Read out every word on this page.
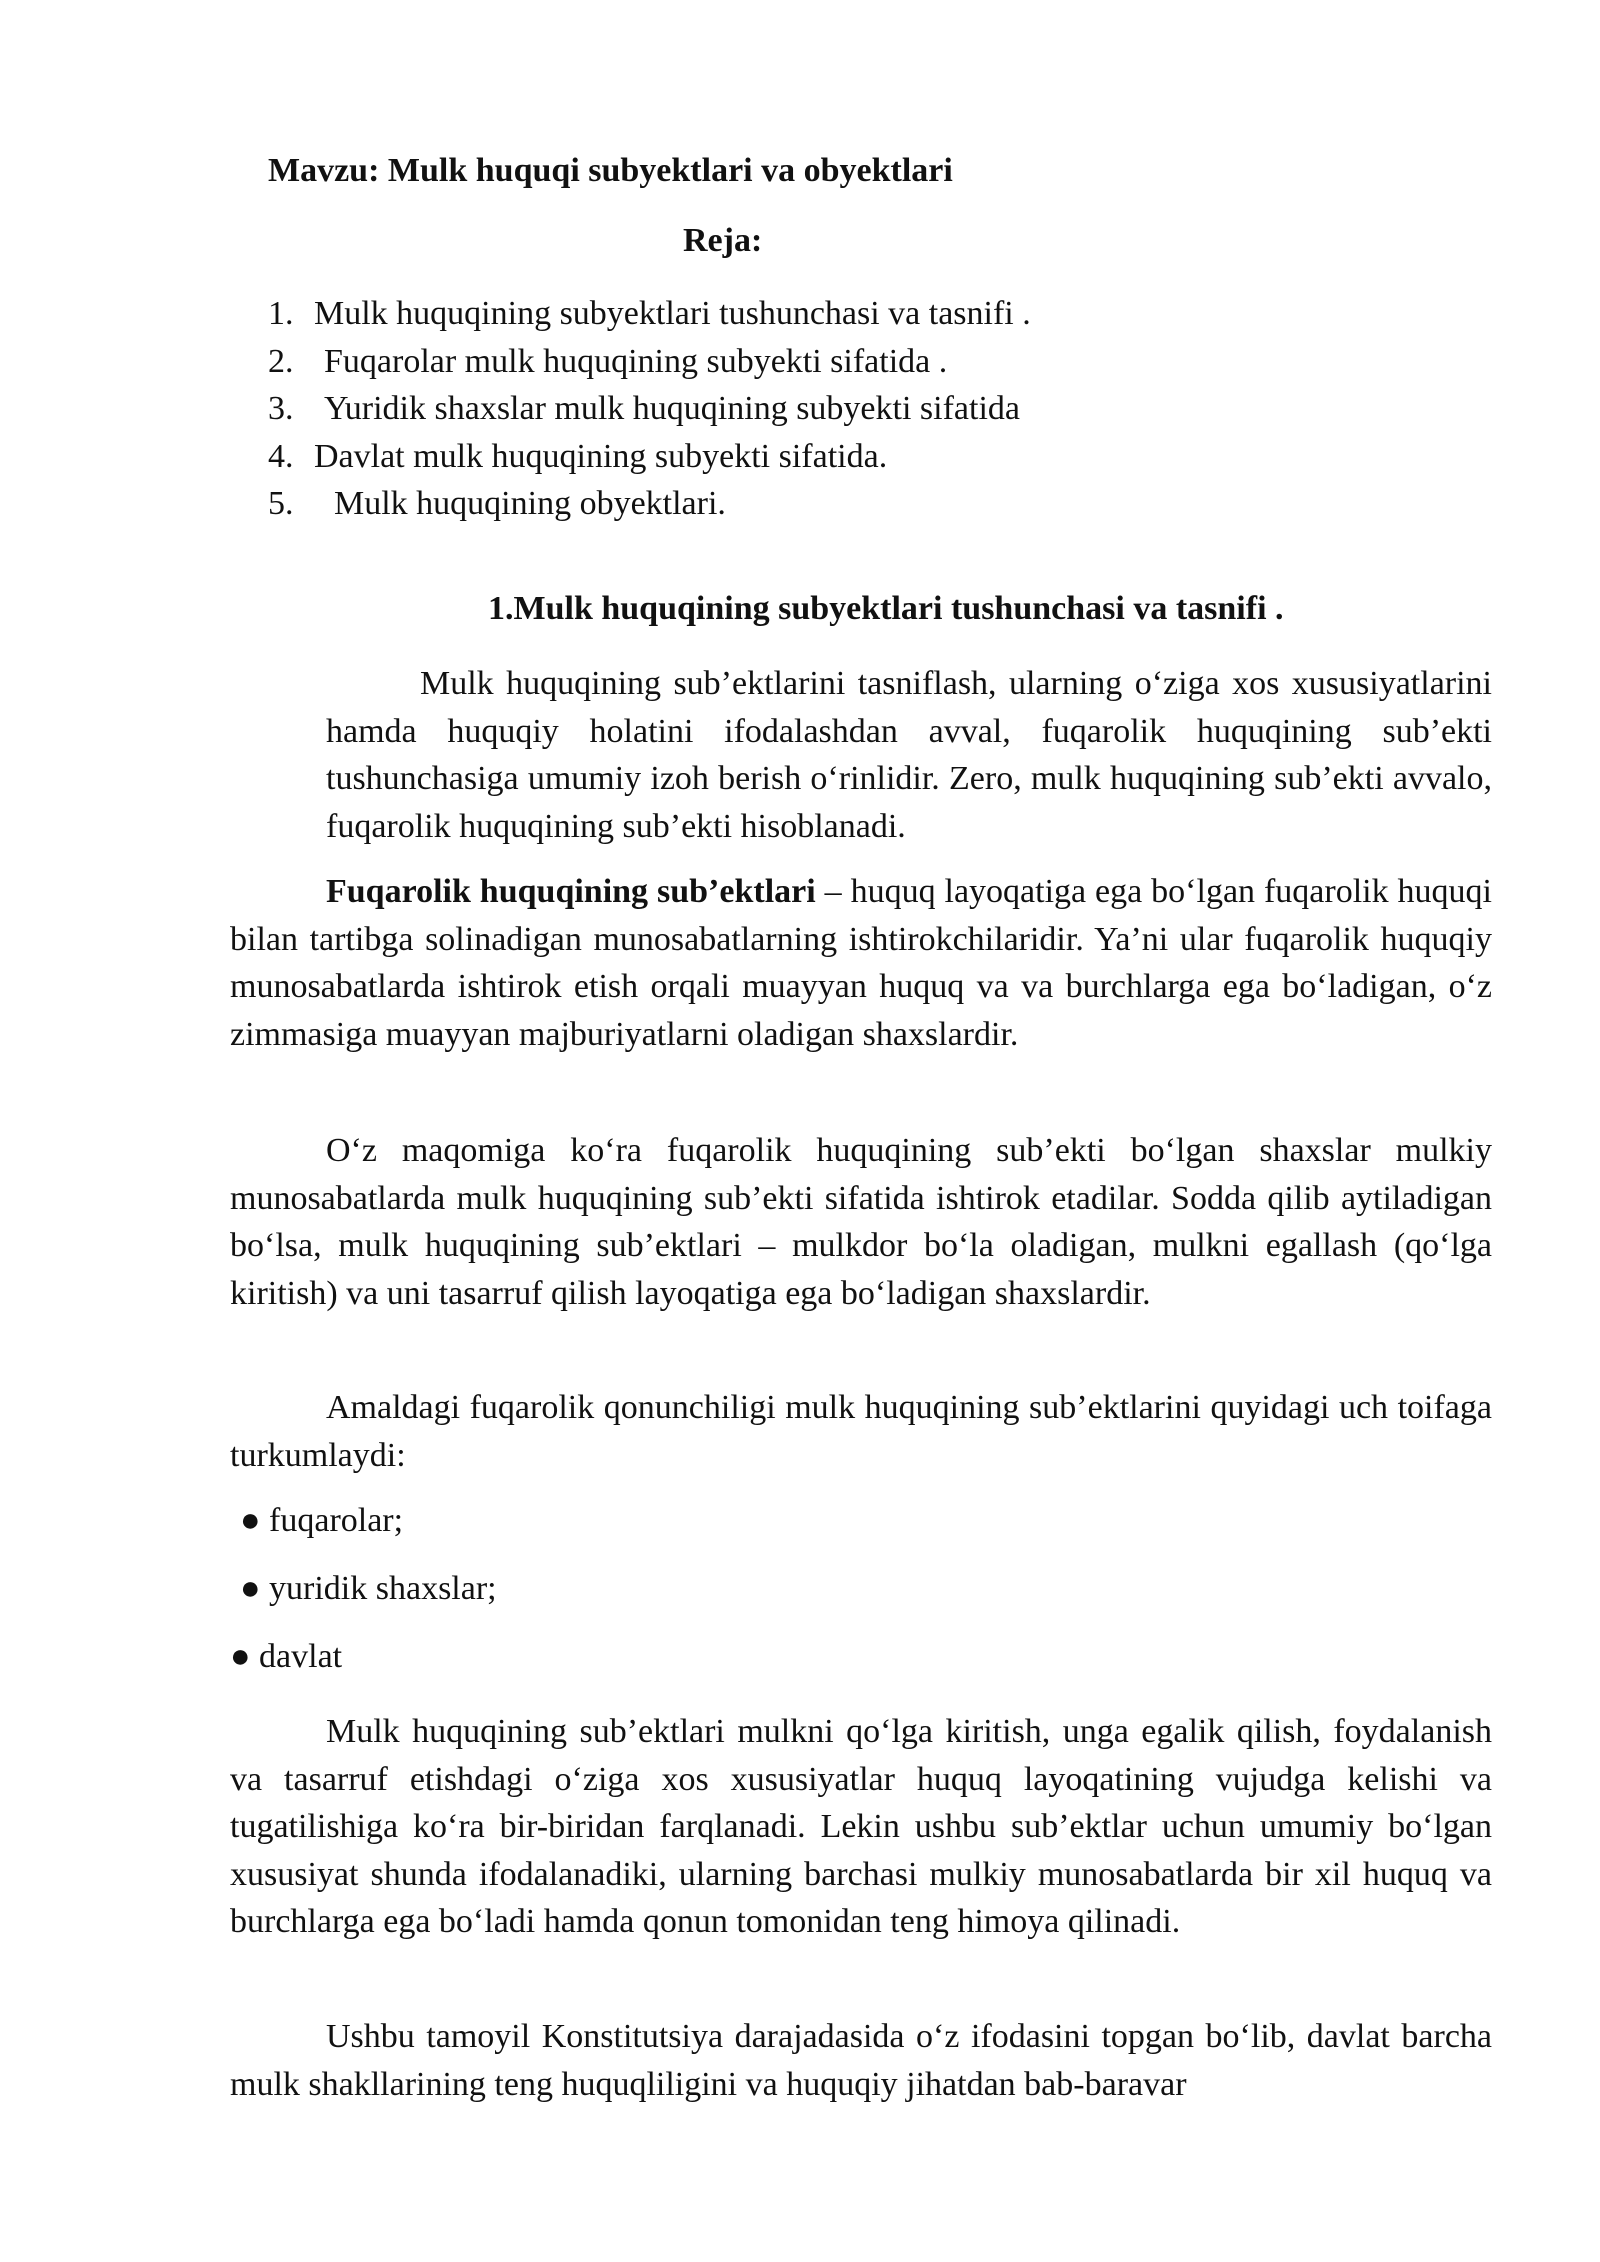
Mavzu: Mulk huquqi subyektlari va obyektlari
Reja:
1. Mulk huquqining subyektlari tushunchasi va tasnifi .
2. Fuqarolar mulk huquqining subyekti sifatida .
3. Yuridik shaxslar mulk huquqining subyekti sifatida
4. Davlat mulk huquqining subyekti sifatida.
5. Mulk huquqining obyektlari.
1.Mulk huquqining subyektlari tushunchasi va tasnifi .

Mulk huquqining sub’ektlarini tasniflash, ularning o‘ziga xos xususiyatlarini hamda huquqiy holatini ifodalashdan avval, fuqarolik huquqining sub’ekti tushunchasiga umumiy izoh berish o‘rinlidir. Zero, mulk huquqining sub’ekti avvalo, fuqarolik huquqining sub’ekti hisoblanadi.

Fuqarolik huquqining sub’ektlari – huquq layoqatiga ega bo‘lgan fuqarolik huquqi bilan tartibga solinadigan munosabatlarning ishtirokchilaridir. Ya’ni ular fuqarolik huquqiy munosabatlarda ishtirok etish orqali muayyan huquq va va burchlarga ega bo‘ladigan, o‘z zimmasiga muayyan majburiyatlarni oladigan shaxslardir.

O‘z maqomiga ko‘ra fuqarolik huquqining sub’ekti bo‘lgan shaxslar mulkiy munosabatlarda mulk huquqining sub’ekti sifatida ishtirok etadilar. Sodda qilib aytiladigan bo‘lsa, mulk huquqining sub’ektlari – mulkdor bo‘la oladigan, mulkni egallash (qo‘lga kiritish) va uni tasarruf qilish layoqatiga ega bo‘ladigan shaxslardir.

Amaldagi fuqarolik qonunchiligi mulk huquqining sub’ektlarini quyidagi uch toifaga turkumlaydi:

● fuqarolar;
● yuridik shaxslar;
● davlat

Mulk huquqining sub’ektlari mulkni qo‘lga kiritish, unga egalik qilish, foydalanish va tasarruf etishdagi o‘ziga xos xususiyatlar huquq layoqatining vujudga kelishi va tugatilishiga ko‘ra bir-biridan farqlanadi. Lekin ushbu sub’ektlar uchun umumiy bo‘lgan xususiyat shunda ifodalanadiki, ularning barchasi mulkiy munosabatlarda bir xil huquq va burchlarga ega bo‘ladi hamda qonun tomonidan teng himoya qilinadi.

Ushbu tamoyil Konstitutsiya darajadasida o‘z ifodasini topgan bo‘lib, davlat barcha mulk shakllarining teng huquqliligini va huquqiy jihatdan bab-baravar
